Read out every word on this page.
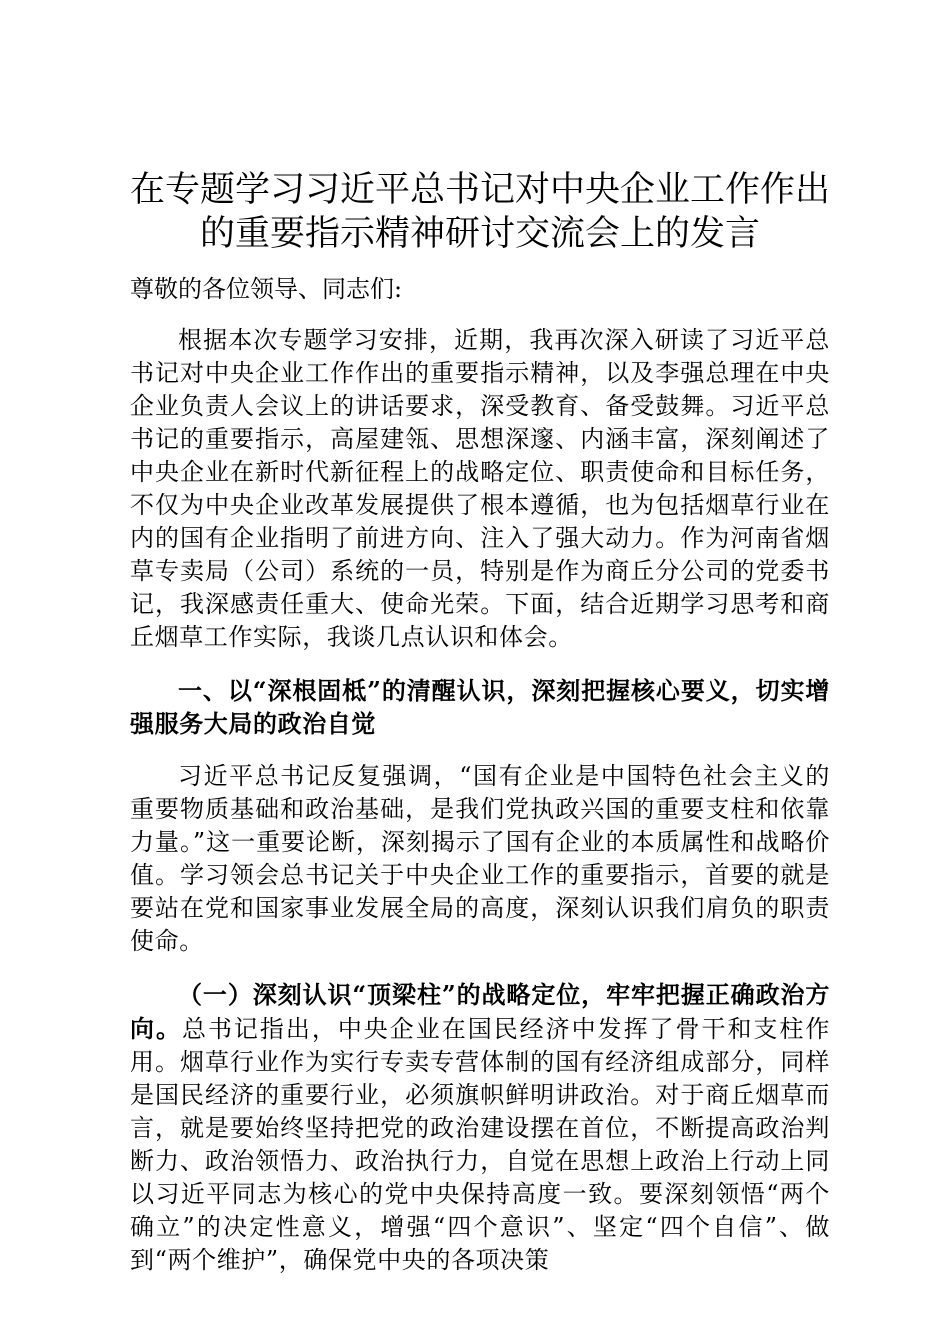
在专题学习习近平总书记对中央企业工作作出
的重要指示精神研讨交流会上的发言
尊敬的各位领导、同志们:

根据本次专题学习安排，近期，我再次深入研读了习近平总书记对中央企业工作作出的重要指示精神，以及李强总理在中央企业负责人会议上的讲话要求，深受教育、备受鼓舞。习近平总书记的重要指示，高屋建瓴、思想深邃、内涵丰富，深刻阐述了中央企业在新时代新征程上的战略定位、职责使命和目标任务，不仅为中央企业改革发展提供了根本遵循，也为包括烟草行业在内的国有企业指明了前进方向、注入了强大动力。作为河南省烟草专卖局（公司）系统的一员，特别是作为商丘分公司的党委书记，我深感责任重大、使命光荣。下面，结合近期学习思考和商丘烟草工作实际，我谈几点认识和体会。

一、以“深根固柢”的清醒认识，深刻把握核心要义，切实增强服务大局的政治自觉

习近平总书记反复强调，“国有企业是中国特色社会主义的重要物质基础和政治基础，是我们党执政兴国的重要支柱和依靠力量。”这一重要论断，深刻揭示了国有企业的本质属性和战略价值。学习领会总书记关于中央企业工作的重要指示，首要的就是要站在党和国家事业发展全局的高度，深刻认识我们肩负的职责使命。

（一）深刻认识“顶梁柱”的战略定位，牢牢把握正确政治方向。总书记指出，中央企业在国民经济中发挥了骨干和支柱作用。烟草行业作为实行专卖专营体制的国有经济组成部分，同样是国民经济的重要行业，必须旗帜鲜明讲政治。对于商丘烟草而言，就是要始终坚持把党的政治建设摆在首位，不断提高政治判断力、政治领悟力、政治执行力，自觉在思想上政治上行动上同以习近平同志为核心的党中央保持高度一致。要深刻领悟“两个确立”的决定性意义，增强“四个意识”、坚定“四个自信”、做到“两个维护”，确保党中央的各项决策
